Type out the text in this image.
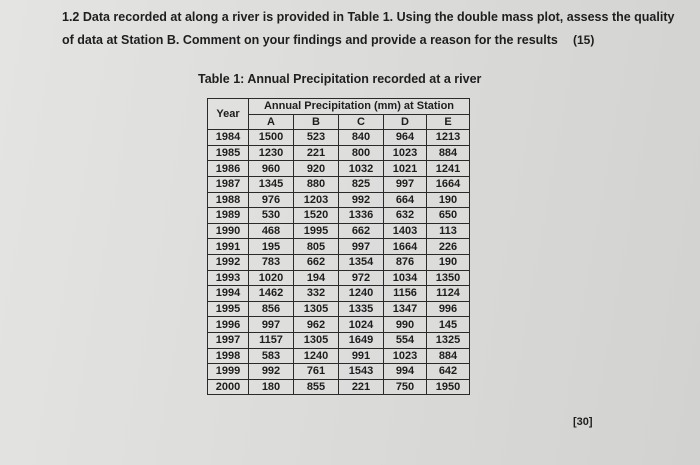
1.2 Data recorded at along a river is provided in Table 1. Using the double mass plot, assess the quality
of data at Station B. Comment on your findings and provide a reason for the results (15)
Table 1: Annual Precipitation recorded at a river
Year	Annual Precipitation (mm) at Station				
	A	B	C	D	E
1984	1500	523	840	964	1213
1985	1230	221	800	1023	884
1986	960	920	1032	1021	1241
1987	1345	880	825	997	1664
1988	976	1203	992	664	190
1989	530	1520	1336	632	650
1990	468	1995	662	1403	113
1991	195	805	997	1664	226
1992	783	662	1354	876	190
1993	1020	194	972	1034	1350
1994	1462	332	1240	1156	1124
1995	856	1305	1335	1347	996
1996	997	962	1024	990	145
1997	1157	1305	1649	554	1325
1998	583	1240	991	1023	884
1999	992	761	1543	994	642
2000	180	855	221	750	1950
[30]
